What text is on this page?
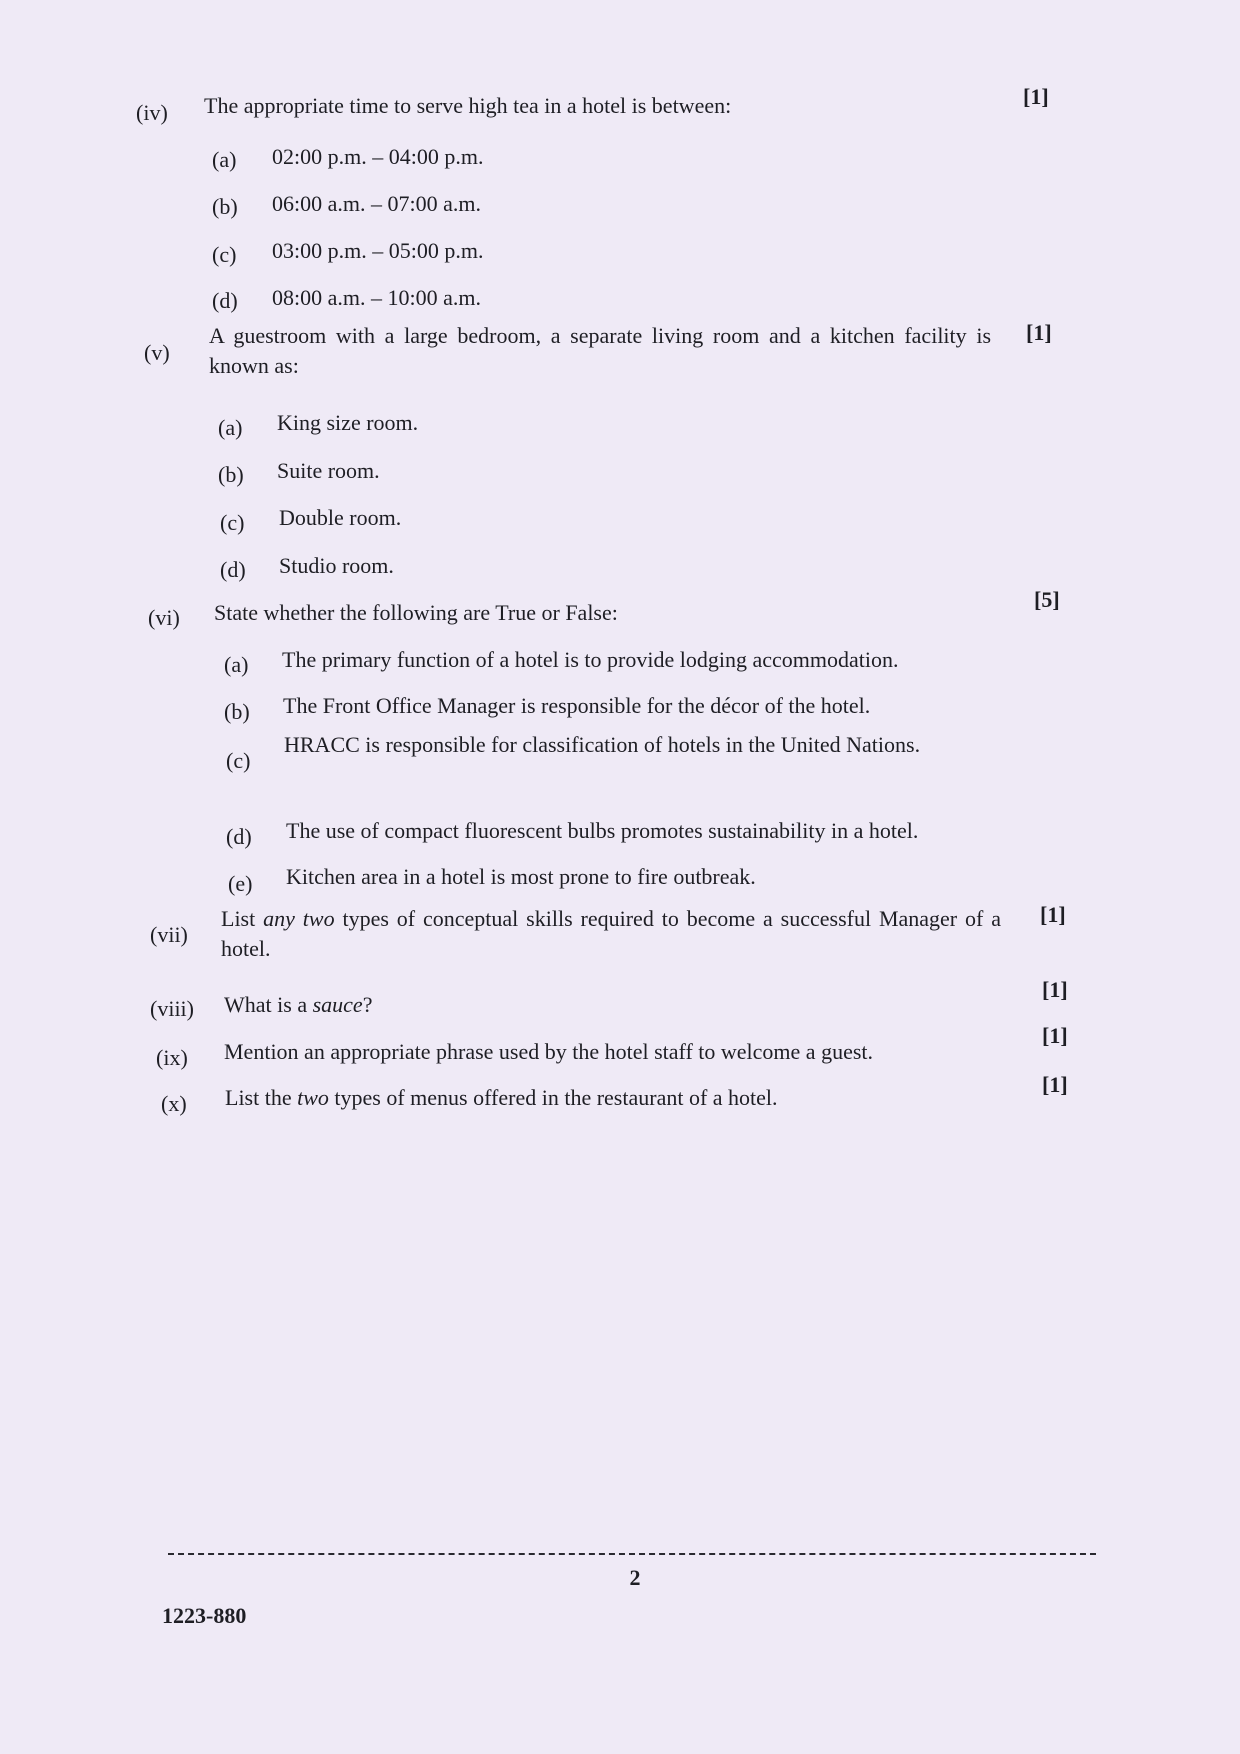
(iv) The appropriate time to serve high tea in a hotel is between:	[1]
(a) 02:00 p.m. – 04:00 p.m.
(b) 06:00 a.m. – 07:00 a.m.
(c) 03:00 p.m. – 05:00 p.m.
(d) 08:00 a.m. – 10:00 a.m.
(v)
A guestroom with a large bedroom, a separate living room and a kitchen facility is known as:
[1]
(a) King size room.
(b) Suite room.
(c) Double room.
(d) Studio room.
(vi) State whether the following are True or False:
[5]
(a) The primary function of a hotel is to provide lodging accommodation.
(b) The Front Office Manager is responsible for the décor of the hotel.
(c)
HRACC is responsible for classification of hotels in the United Nations.
(d) The use of compact fluorescent bulbs promotes sustainability in a hotel.
(e) Kitchen area in a hotel is most prone to fire outbreak.
(vii)
List any two types of conceptual skills required to become a successful Manager of a hotel.
[1]
(viii) What is a sauce?
[1]
(ix) Mention an appropriate phrase used by the hotel staff to welcome a guest.
[1]
(x) List the two types of menus offered in the restaurant of a hotel.
[1]
2
1223-880
